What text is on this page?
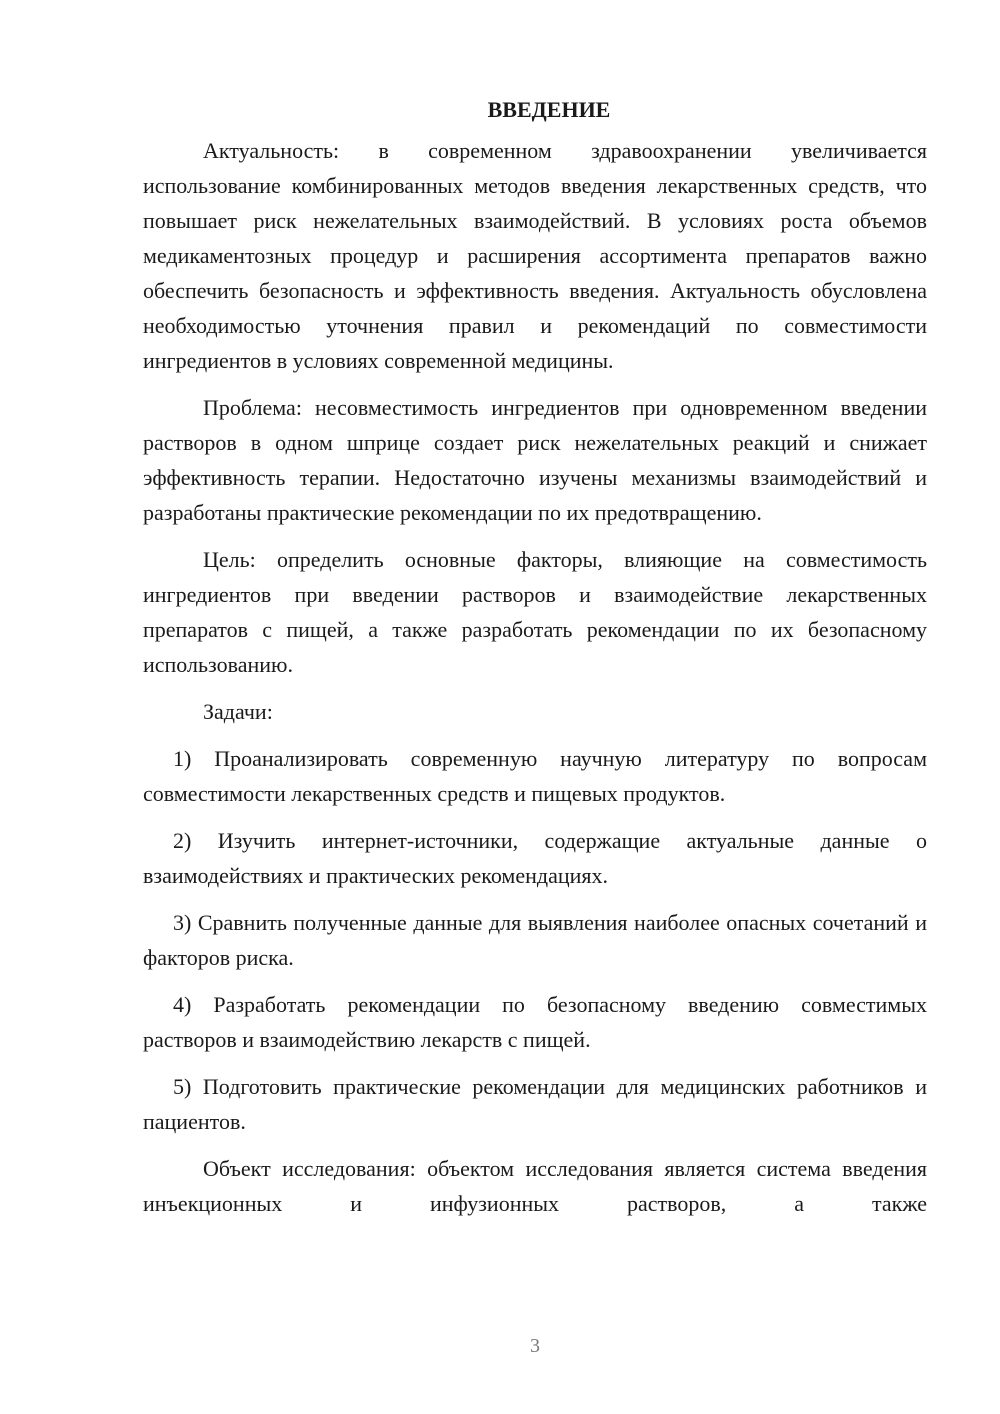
ВВЕДЕНИЕ

Актуальность: в современном здравоохранении увеличивается использование комбинированных методов введения лекарственных средств, что повышает риск нежелательных взаимодействий. В условиях роста объемов медикаментозных процедур и расширения ассортимента препаратов важно обеспечить безопасность и эффективность введения. Актуальность обусловлена необходимостью уточнения правил и рекомендаций по совместимости ингредиентов в условиях современной медицины.

Проблема: несовместимость ингредиентов при одновременном введении растворов в одном шприце создает риск нежелательных реакций и снижает эффективность терапии. Недостаточно изучены механизмы взаимодействий и разработаны практические рекомендации по их предотвращению.

Цель: определить основные факторы, влияющие на совместимость ингредиентов при введении растворов и взаимодействие лекарственных препаратов с пищей, а также разработать рекомендации по их безопасному использованию.

Задачи:

1) Проанализировать современную научную литературу по вопросам совместимости лекарственных средств и пищевых продуктов.

2) Изучить интернет-источники, содержащие актуальные данные о взаимодействиях и практических рекомендациях.

3) Сравнить полученные данные для выявления наиболее опасных сочетаний и факторов риска.

4) Разработать рекомендации по безопасному введению совместимых растворов и взаимодействию лекарств с пищей.

5) Подготовить практические рекомендации для медицинских работников и пациентов.

Объект исследования: объектом исследования является система введения инъекционных и инфузионных растворов, а также

3
